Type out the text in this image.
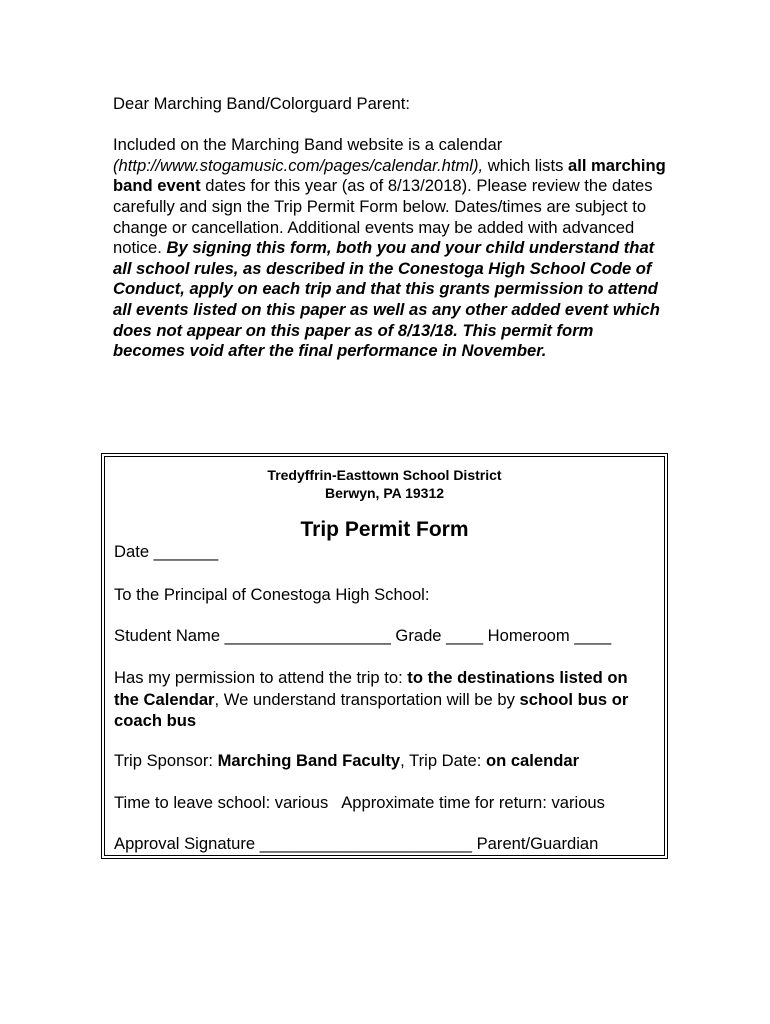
Dear Marching Band/Colorguard Parent:

Included on the Marching Band website is a calendar
(http://www.stogamusic.com/pages/calendar.html), which lists all marching band event dates for this year (as of 8/13/2018). Please review the dates carefully and sign the Trip Permit Form below. Dates/times are subject to change or cancellation. Additional events may be added with advanced notice. By signing this form, both you and your child understand that all school rules, as described in the Conestoga High School Code of Conduct, apply on each trip and that this grants permission to attend all events listed on this paper as well as any other added event which does not appear on this paper as of 8/13/18. This permit form becomes void after the final performance in November.

Tredyffrin-Easttown School District
Berwyn, PA 19312
Trip Permit Form
Date _______
To the Principal of Conestoga High School:
Student Name __________________ Grade ____ Homeroom ____
Has my permission to attend the trip to: to the destinations listed on the Calendar, We understand transportation will be by school bus or coach bus
Trip Sponsor: Marching Band Faculty, Trip Date: on calendar
Time to leave school: various   Approximate time for return: various
Approval Signature _______________________ Parent/Guardian
